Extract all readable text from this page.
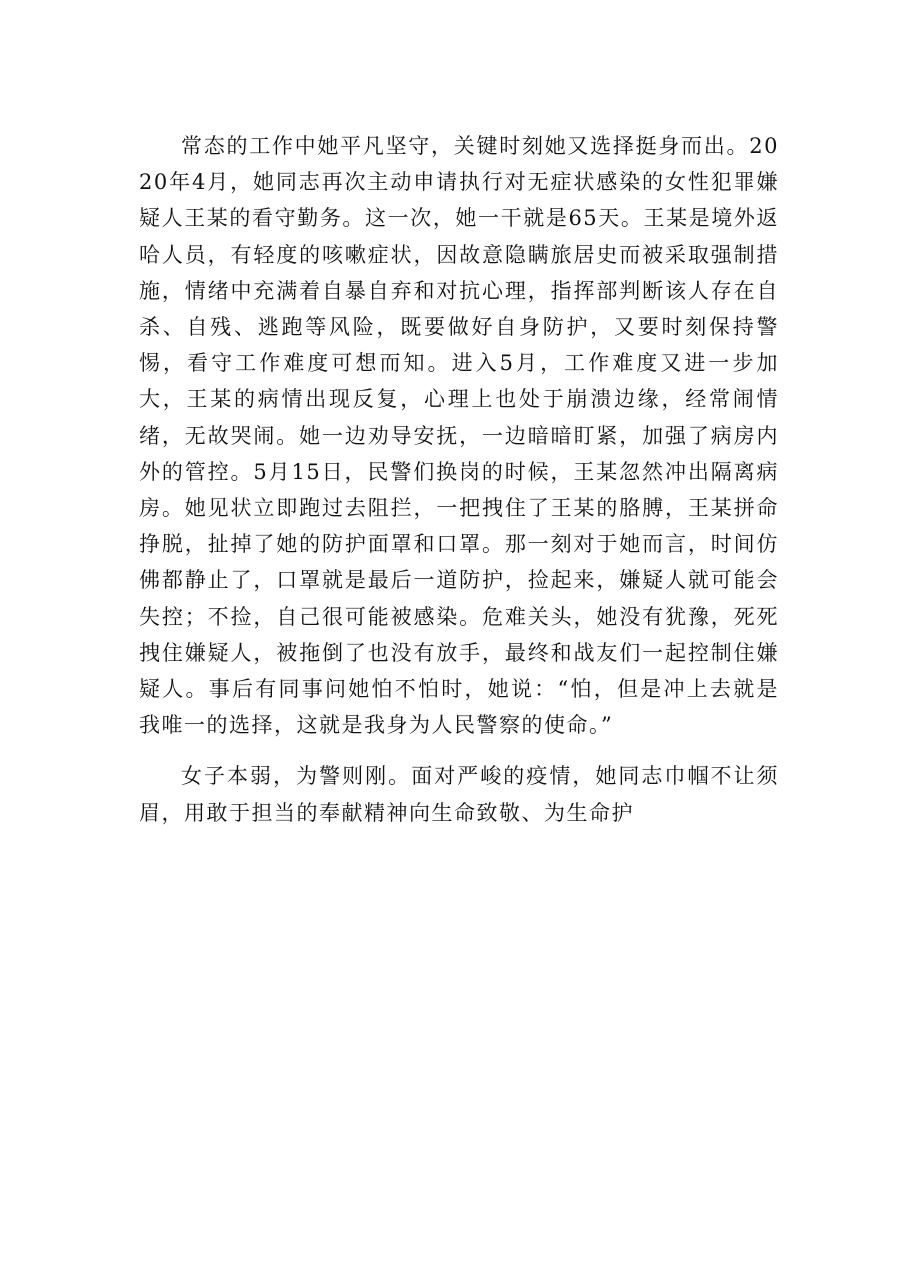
常态的工作中她平凡坚守，关键时刻她又选择挺身而出。2020年4月，她同志再次主动申请执行对无症状感染的女性犯罪嫌疑人王某的看守勤务。这一次，她一干就是65天。王某是境外返哈人员，有轻度的咳嗽症状，因故意隐瞒旅居史而被采取强制措施，情绪中充满着自暴自弃和对抗心理，指挥部判断该人存在自杀、自残、逃跑等风险，既要做好自身防护，又要时刻保持警惕，看守工作难度可想而知。进入5月，工作难度又进一步加大，王某的病情出现反复，心理上也处于崩溃边缘，经常闹情绪，无故哭闹。她一边劝导安抚，一边暗暗盯紧，加强了病房内外的管控。5月15日，民警们换岗的时候，王某忽然冲出隔离病房。她见状立即跑过去阻拦，一把拽住了王某的胳膊，王某拼命挣脱，扯掉了她的防护面罩和口罩。那一刻对于她而言，时间仿佛都静止了，口罩就是最后一道防护，捡起来，嫌疑人就可能会失控；不捡，自己很可能被感染。危难关头，她没有犹豫，死死拽住嫌疑人，被拖倒了也没有放手，最终和战友们一起控制住嫌疑人。事后有同事问她怕不怕时，她说：“怕，但是冲上去就是我唯一的选择，这就是我身为人民警察的使命。”

女子本弱，为警则刚。面对严峻的疫情，她同志巾帼不让须眉，用敢于担当的奉献精神向生命致敬、为生命护
